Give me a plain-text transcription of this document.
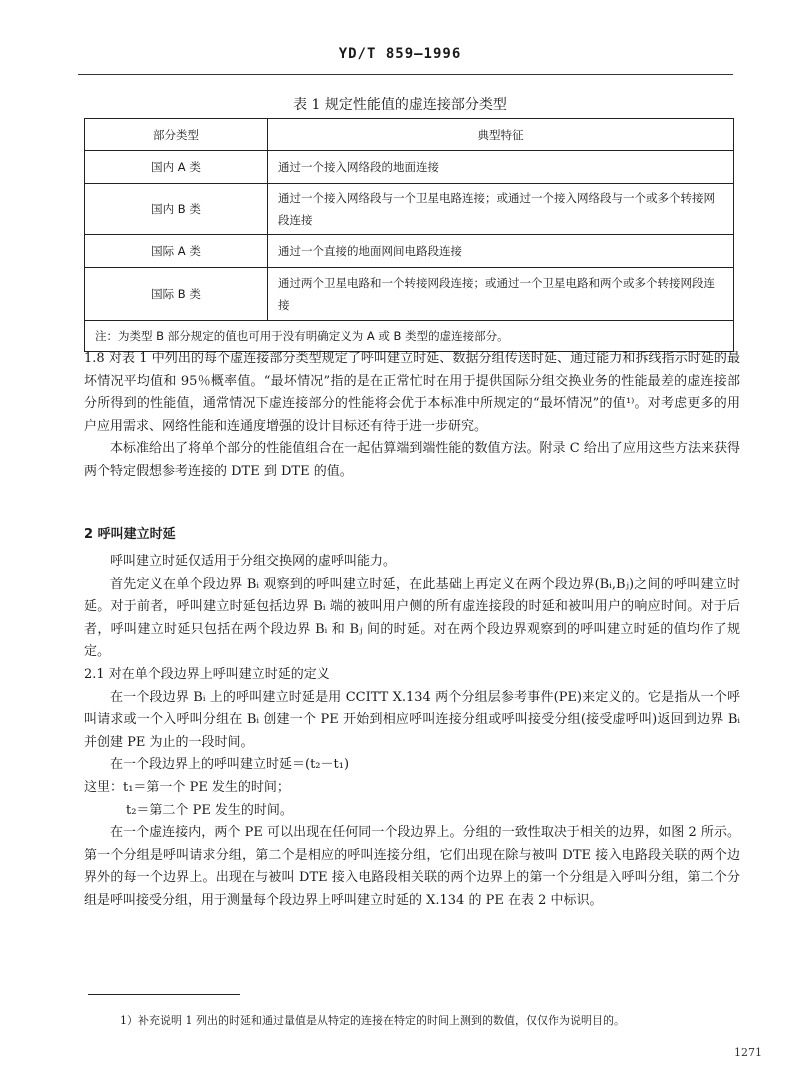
YD/T 859—1996
表 1 规定性能值的虚连接部分类型
部分类型	典型特征
国内 A 类	通过一个接入网络段的地面连接
国内 B 类	通过一个接入网络段与一个卫星电路连接；或通过一个接入网络段与一个或多个转接网段连接
国际 A 类	通过一个直接的地面网间电路段连接
国际 B 类	通过两个卫星电路和一个转接网段连接；或通过一个卫星电路和两个或多个转接网段连接
注：为类型 B 部分规定的值也可用于没有明确定义为 A 或 B 类型的虚连接部分。	

1.8 对表 1 中列出的每个虚连接部分类型规定了呼叫建立时延、数据分组传送时延、通过能力和拆线指示时延的最坏情况平均值和 95％概率值。“最坏情况”指的是在正常忙时在用于提供国际分组交换业务的性能最差的虚连接部分所得到的性能值，通常情况下虚连接部分的性能将会优于本标准中所规定的“最坏情况”的值¹⁾。对考虑更多的用户应用需求、网络性能和连通度增强的设计目标还有待于进一步研究。

本标准给出了将单个部分的性能值组合在一起估算端到端性能的数值方法。附录 C 给出了应用这些方法来获得两个特定假想参考连接的 DTE 到 DTE 的值。

2 呼叫建立时延

呼叫建立时延仅适用于分组交换网的虚呼叫能力。

首先定义在单个段边界 Bᵢ 观察到的呼叫建立时延，在此基础上再定义在两个段边界(Bᵢ,Bⱼ)之间的呼叫建立时延。对于前者，呼叫建立时延包括边界 Bᵢ 端的被叫用户侧的所有虚连接段的时延和被叫用户的响应时间。对于后者，呼叫建立时延只包括在两个段边界 Bᵢ 和 Bⱼ 间的时延。对在两个段边界观察到的呼叫建立时延的值均作了规定。

2.1 对在单个段边界上呼叫建立时延的定义

在一个段边界 Bᵢ 上的呼叫建立时延是用 CCITT X.134 两个分组层参考事件(PE)来定义的。它是指从一个呼叫请求或一个入呼叫分组在 Bᵢ 创建一个 PE 开始到相应呼叫连接分组或呼叫接受分组(接受虚呼叫)返回到边界 Bᵢ 并创建 PE 为止的一段时间。

在一个段边界上的呼叫建立时延＝(t₂－t₁)

这里：t₁＝第一个 PE 发生的时间；

t₂＝第二个 PE 发生的时间。

在一个虚连接内，两个 PE 可以出现在任何同一个段边界上。分组的一致性取决于相关的边界，如图 2 所示。第一个分组是呼叫请求分组，第二个是相应的呼叫连接分组，它们出现在除与被叫 DTE 接入电路段关联的两个边界外的每一个边界上。出现在与被叫 DTE 接入电路段相关联的两个边界上的第一个分组是入呼叫分组，第二个分组是呼叫接受分组，用于测量每个段边界上呼叫建立时延的 X.134 的 PE 在表 2 中标识。

1）补充说明 1 列出的时延和通过量值是从特定的连接在特定的时间上测到的数值，仅仅作为说明目的。
1271
